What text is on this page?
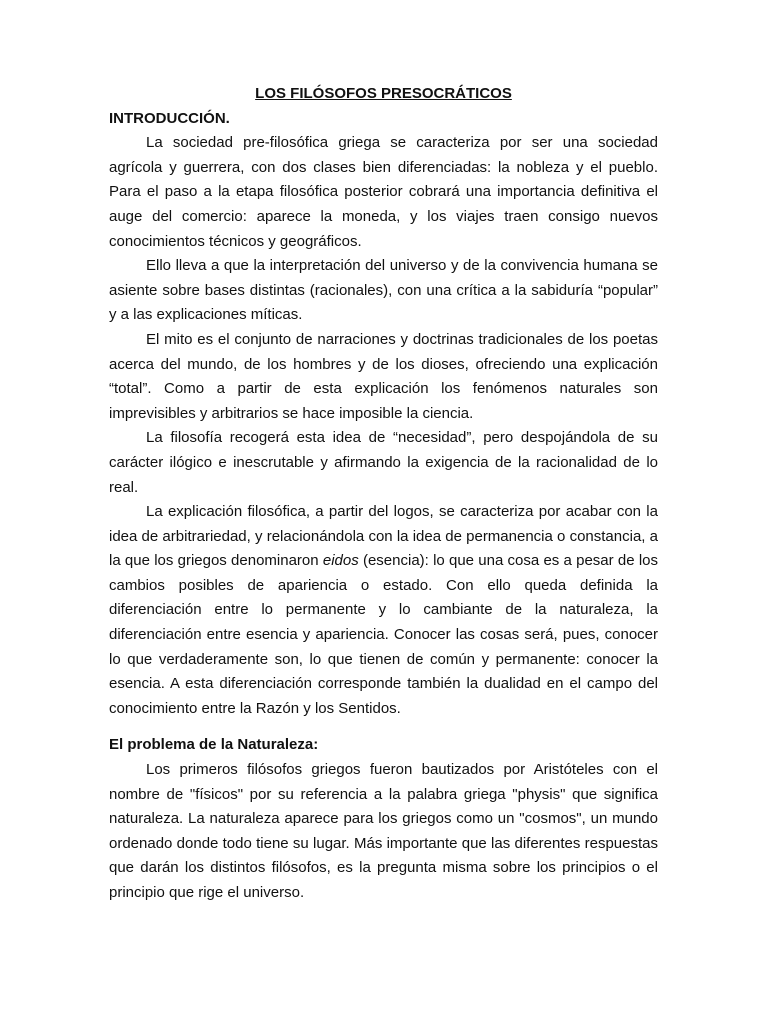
LOS FILÓSOFOS PRESOCRÁTICOS
INTRODUCCIÓN.

La sociedad pre-filosófica griega se caracteriza por ser una sociedad agrícola y guerrera, con dos clases bien diferenciadas: la nobleza y el pueblo. Para el paso a la etapa filosófica posterior cobrará una importancia definitiva el auge del comercio: aparece la moneda, y los viajes traen consigo nuevos conocimientos técnicos y geográficos.

Ello lleva a que la interpretación del universo y de la convivencia humana se asiente sobre bases distintas (racionales), con una crítica a la sabiduría “popular” y a las explicaciones míticas.

El mito es el conjunto de narraciones y doctrinas tradicionales de los poetas acerca del mundo, de los hombres y de los dioses, ofreciendo una explicación “total”. Como a partir de esta explicación los fenómenos naturales son imprevisibles y arbitrarios se hace imposible la ciencia.

La filosofía recogerá esta idea de “necesidad”, pero despojándola de su carácter ilógico e inescrutable y afirmando la exigencia de la racionalidad de lo real.

La explicación filosófica, a partir del logos, se caracteriza por acabar con la idea de arbitrariedad, y relacionándola con la idea de permanencia o constancia, a la que los griegos denominaron eidos (esencia): lo que una cosa es a pesar de los cambios posibles de apariencia o estado. Con ello queda definida la diferenciación entre lo permanente y lo cambiante de la naturaleza, la diferenciación entre esencia y apariencia. Conocer las cosas será, pues, conocer lo que verdaderamente son, lo que tienen de común y permanente: conocer la esencia. A esta diferenciación corresponde también la dualidad en el campo del conocimiento entre la Razón y los Sentidos.

El problema de la Naturaleza:

Los primeros filósofos griegos fueron bautizados por Aristóteles con el nombre de "físicos" por su referencia a la palabra griega "physis" que significa naturaleza. La naturaleza aparece para los griegos como un "cosmos", un mundo ordenado donde todo tiene su lugar. Más importante que las diferentes respuestas que darán los distintos filósofos, es la pregunta misma sobre los principios o el principio que rige el universo.
